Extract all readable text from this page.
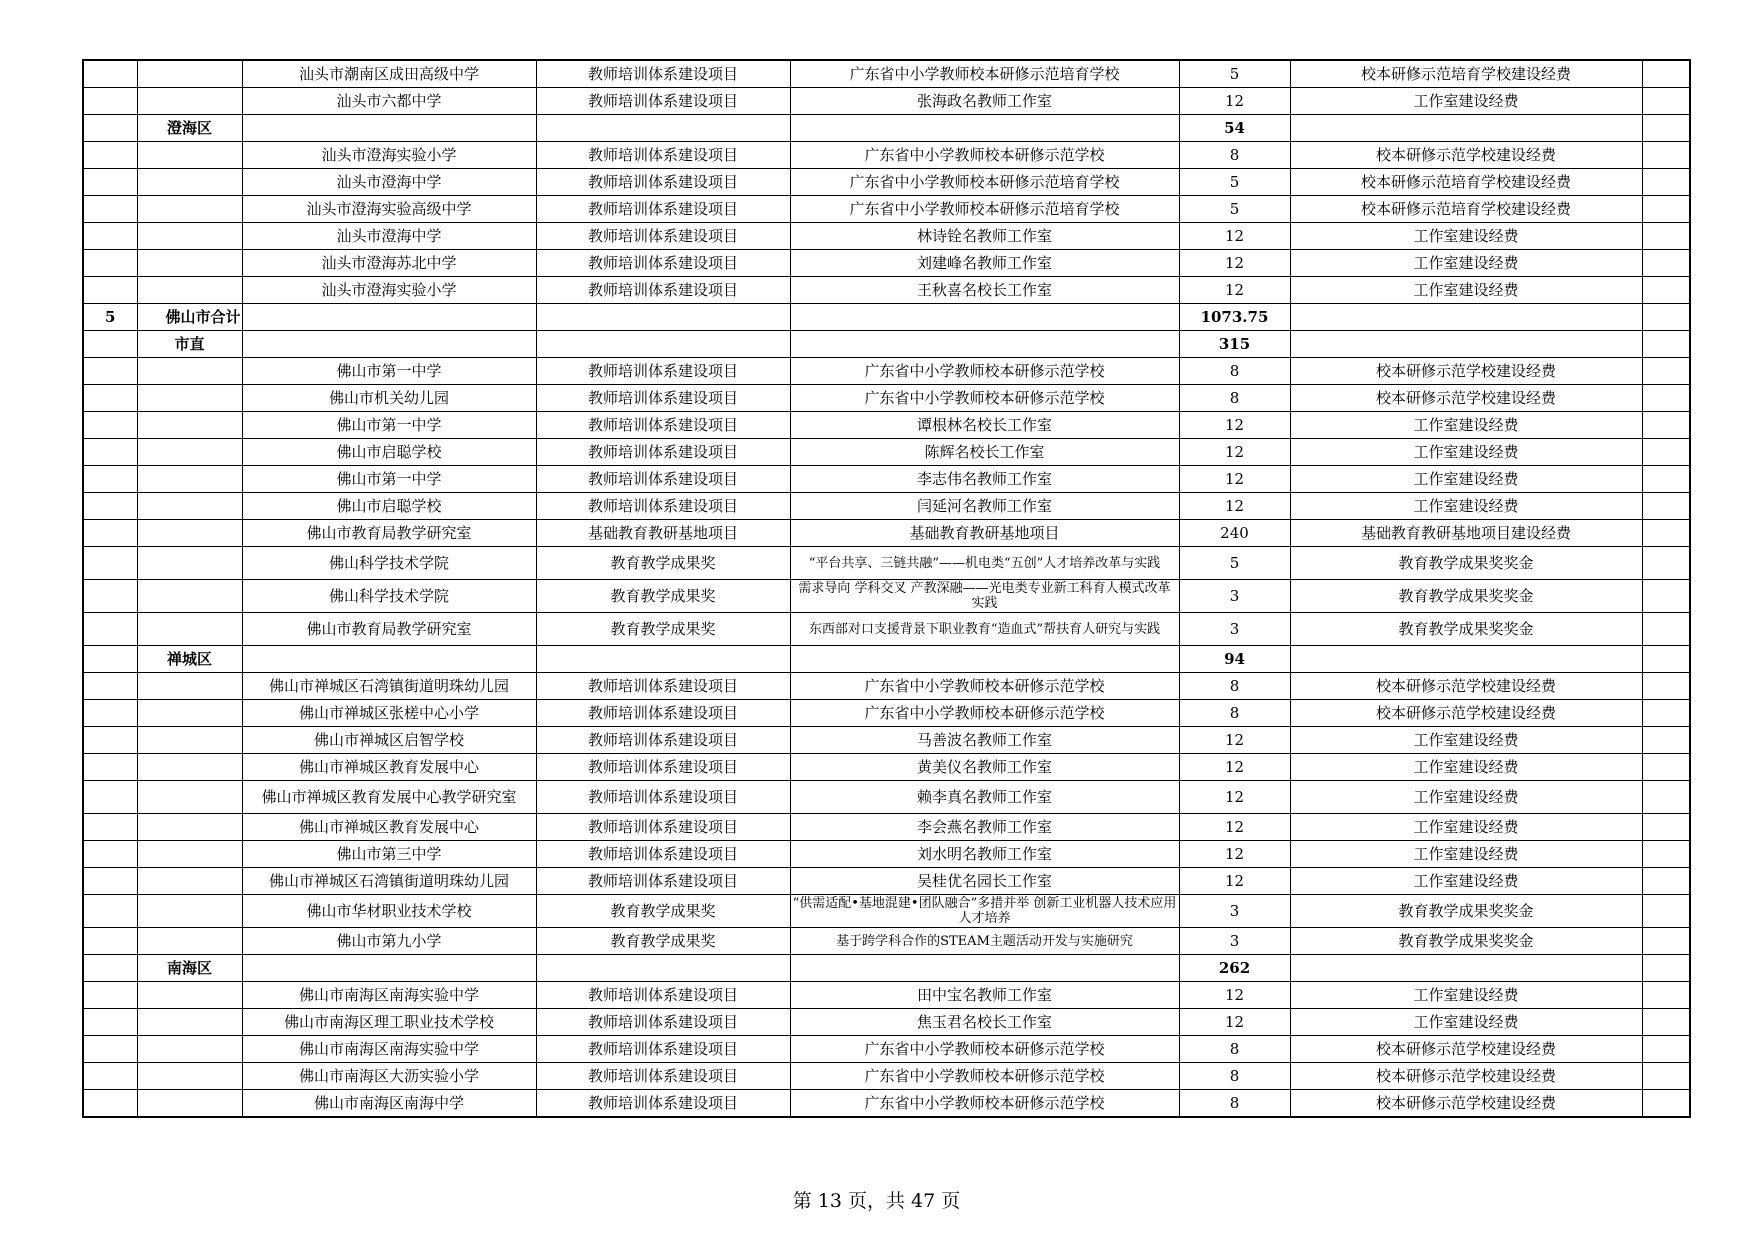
		汕头市潮南区成田高级中学	教师培训体系建设项目	广东省中小学教师校本研修示范培育学校	5	校本研修示范培育学校建设经费	
		汕头市六都中学	教师培训体系建设项目	张海政名教师工作室	12	工作室建设经费	
	澄海区				54		
		汕头市澄海实验小学	教师培训体系建设项目	广东省中小学教师校本研修示范学校	8	校本研修示范学校建设经费	
		汕头市澄海中学	教师培训体系建设项目	广东省中小学教师校本研修示范培育学校	5	校本研修示范培育学校建设经费	
		汕头市澄海实验高级中学	教师培训体系建设项目	广东省中小学教师校本研修示范培育学校	5	校本研修示范培育学校建设经费	
		汕头市澄海中学	教师培训体系建设项目	林诗铨名教师工作室	12	工作室建设经费	
		汕头市澄海苏北中学	教师培训体系建设项目	刘建峰名教师工作室	12	工作室建设经费	
		汕头市澄海实验小学	教师培训体系建设项目	王秋喜名校长工作室	12	工作室建设经费	
5	佛山市合计				1073.75		
	市直				315		
		佛山市第一中学	教师培训体系建设项目	广东省中小学教师校本研修示范学校	8	校本研修示范学校建设经费	
		佛山市机关幼儿园	教师培训体系建设项目	广东省中小学教师校本研修示范学校	8	校本研修示范学校建设经费	
		佛山市第一中学	教师培训体系建设项目	谭根林名校长工作室	12	工作室建设经费	
		佛山市启聪学校	教师培训体系建设项目	陈辉名校长工作室	12	工作室建设经费	
		佛山市第一中学	教师培训体系建设项目	李志伟名教师工作室	12	工作室建设经费	
		佛山市启聪学校	教师培训体系建设项目	闫延河名教师工作室	12	工作室建设经费	
		佛山市教育局教学研究室	基础教育教研基地项目	基础教育教研基地项目	240	基础教育教研基地项目建设经费	
		佛山科学技术学院	教育教学成果奖	“平台共享、三链共融”——机电类“五创”人才培养改革与实践	5	教育教学成果奖奖金	
		佛山科学技术学院	教育教学成果奖	需求导向 学科交叉 产教深融——光电类专业新工科育人模式改革实践	3	教育教学成果奖奖金	
		佛山市教育局教学研究室	教育教学成果奖	东西部对口支援背景下职业教育“造血式”帮扶育人研究与实践	3	教育教学成果奖奖金	
	禅城区				94		
		佛山市禅城区石湾镇街道明珠幼儿园	教师培训体系建设项目	广东省中小学教师校本研修示范学校	8	校本研修示范学校建设经费	
		佛山市禅城区张槎中心小学	教师培训体系建设项目	广东省中小学教师校本研修示范学校	8	校本研修示范学校建设经费	
		佛山市禅城区启智学校	教师培训体系建设项目	马善波名教师工作室	12	工作室建设经费	
		佛山市禅城区教育发展中心	教师培训体系建设项目	黄美仪名教师工作室	12	工作室建设经费	
		佛山市禅城区教育发展中心教学研究室	教师培训体系建设项目	赖李真名教师工作室	12	工作室建设经费	
		佛山市禅城区教育发展中心	教师培训体系建设项目	李会燕名教师工作室	12	工作室建设经费	
		佛山市第三中学	教师培训体系建设项目	刘水明名教师工作室	12	工作室建设经费	
		佛山市禅城区石湾镇街道明珠幼儿园	教师培训体系建设项目	吴桂优名园长工作室	12	工作室建设经费	
		佛山市华材职业技术学校	教育教学成果奖	“供需适配•基地混建•团队融合”多措并举 创新工业机器人技术应用人才培养	3	教育教学成果奖奖金	
		佛山市第九小学	教育教学成果奖	基于跨学科合作的STEAM主题活动开发与实施研究	3	教育教学成果奖奖金	
	南海区				262		
		佛山市南海区南海实验中学	教师培训体系建设项目	田中宝名教师工作室	12	工作室建设经费	
		佛山市南海区理工职业技术学校	教师培训体系建设项目	焦玉君名校长工作室	12	工作室建设经费	
		佛山市南海区南海实验中学	教师培训体系建设项目	广东省中小学教师校本研修示范学校	8	校本研修示范学校建设经费	
		佛山市南海区大沥实验小学	教师培训体系建设项目	广东省中小学教师校本研修示范学校	8	校本研修示范学校建设经费	
		佛山市南海区南海中学	教师培训体系建设项目	广东省中小学教师校本研修示范学校	8	校本研修示范学校建设经费	
第 13 页，共 47 页
